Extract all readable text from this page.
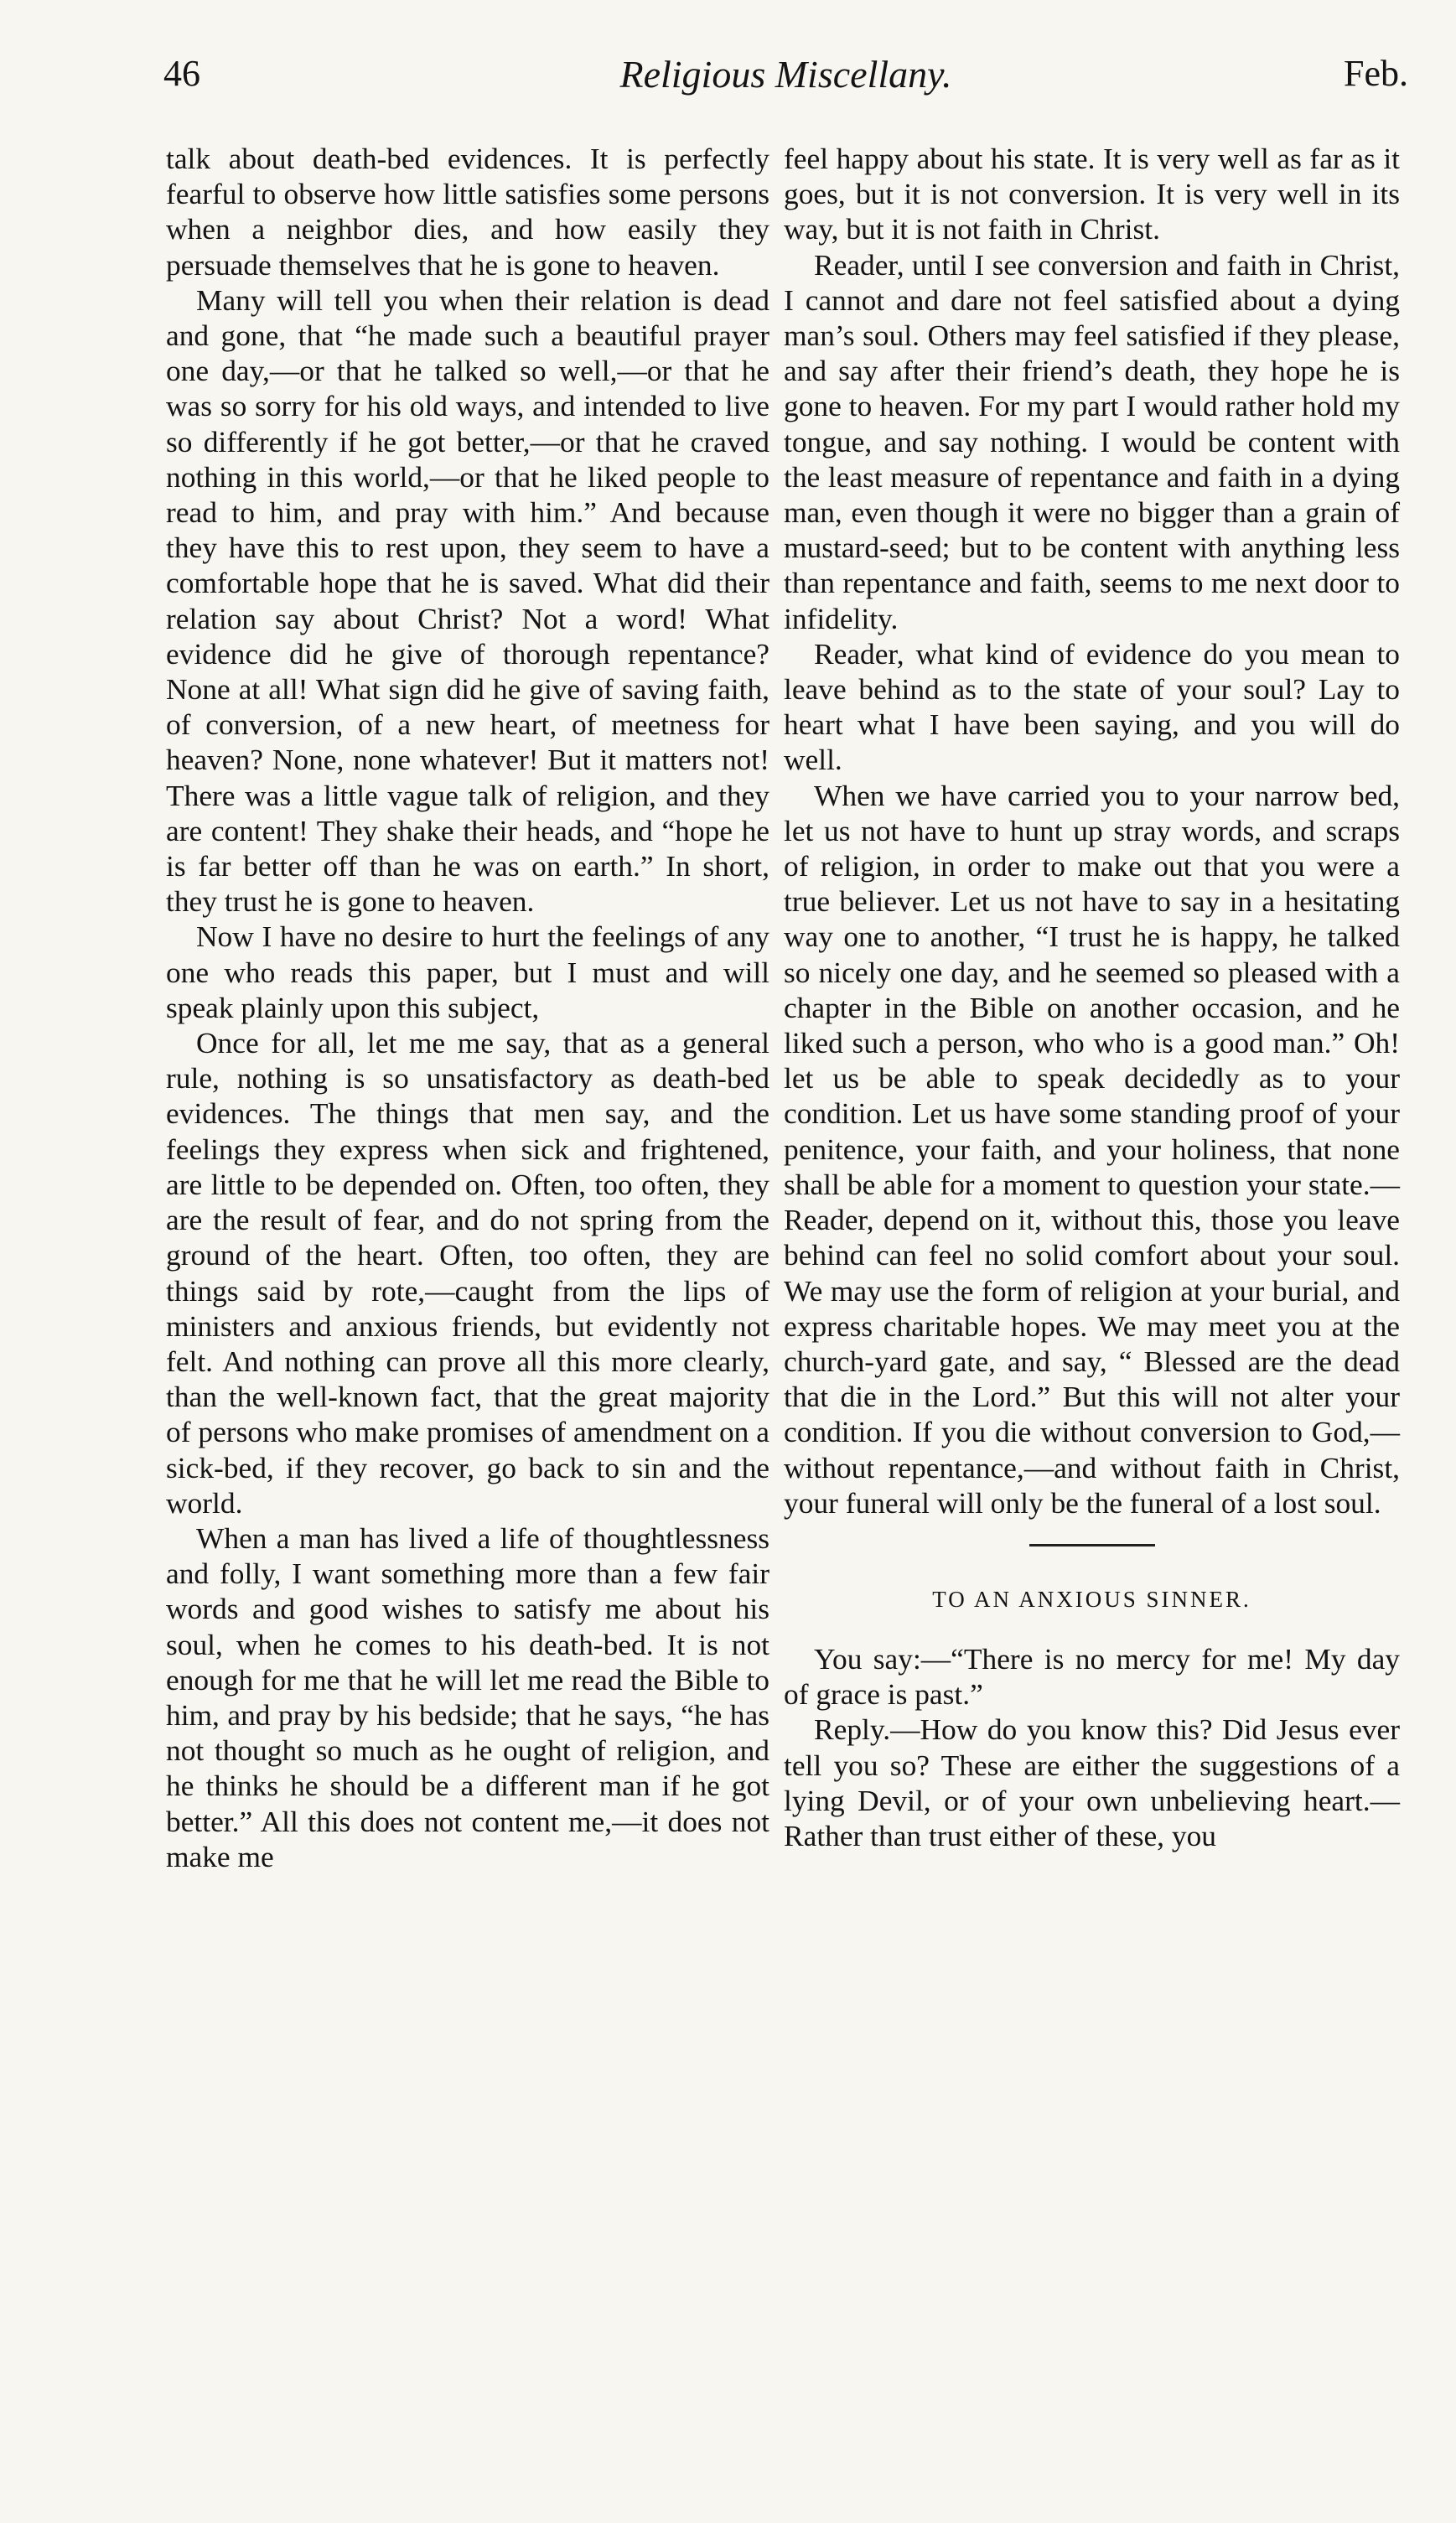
46	Religious Miscellany.	Feb.

talk about death-bed evidences. It is perfectly fearful to observe how little satisfies some persons when a neighbor dies, and how easily they persuade themselves that he is gone to heaven.

Many will tell you when their relation is dead and gone, that “he made such a beautiful prayer one day,—or that he talked so well,—or that he was so sorry for his old ways, and intended to live so differently if he got better,—or that he craved nothing in this world,—or that he liked people to read to him, and pray with him.” And because they have this to rest upon, they seem to have a comfortable hope that he is saved. What did their relation say about Christ? Not a word! What evidence did he give of thorough repentance? None at all! What sign did he give of saving faith, of conversion, of a new heart, of meetness for heaven? None, none whatever! But it matters not! There was a little vague talk of religion, and they are content! They shake their heads, and “hope he is far better off than he was on earth.” In short, they trust he is gone to heaven.

Now I have no desire to hurt the feelings of any one who reads this paper, but I must and will speak plainly upon this subject,

Once for all, let me me say, that as a general rule, nothing is so unsatisfactory as death-bed evidences. The things that men say, and the feelings they express when sick and frightened, are little to be depended on. Often, too often, they are the result of fear, and do not spring from the ground of the heart. Often, too often, they are things said by rote,—caught from the lips of ministers and anxious friends, but evidently not felt. And nothing can prove all this more clearly, than the well-known fact, that the great majority of persons who make promises of amendment on a sick-bed, if they recover, go back to sin and the world.

When a man has lived a life of thoughtlessness and folly, I want something more than a few fair words and good wishes to satisfy me about his soul, when he comes to his death-bed. It is not enough for me that he will let me read the Bible to him, and pray by his bedside; that he says, “he has not thought so much as he ought of religion, and he thinks he should be a different man if he got better.” All this does not content me,—it does not make me

feel happy about his state. It is very well as far as it goes, but it is not conversion. It is very well in its way, but it is not faith in Christ.

Reader, until I see conversion and faith in Christ, I cannot and dare not feel satisfied about a dying man’s soul. Others may feel satisfied if they please, and say after their friend’s death, they hope he is gone to heaven. For my part I would rather hold my tongue, and say nothing. I would be content with the least measure of repentance and faith in a dying man, even though it were no bigger than a grain of mustard-seed; but to be content with anything less than repentance and faith, seems to me next door to infidelity.

Reader, what kind of evidence do you mean to leave behind as to the state of your soul? Lay to heart what I have been saying, and you will do well.

When we have carried you to your narrow bed, let us not have to hunt up stray words, and scraps of religion, in order to make out that you were a true believer. Let us not have to say in a hesitating way one to another, “I trust he is happy, he talked so nicely one day, and he seemed so pleased with a chapter in the Bible on another occasion, and he liked such a person, who who is a good man.” Oh! let us be able to speak decidedly as to your condition. Let us have some standing proof of your penitence, your faith, and your holiness, that none shall be able for a moment to question your state.—Reader, depend on it, without this, those you leave behind can feel no solid comfort about your soul. We may use the form of religion at your burial, and express charitable hopes. We may meet you at the church-yard gate, and say, “ Blessed are the dead that die in the Lord.” But this will not alter your condition. If you die without conversion to God,—without repentance,—and without faith in Christ, your funeral will only be the funeral of a lost soul.

TO AN ANXIOUS SINNER.

You say:—“There is no mercy for me! My day of grace is past.”

Reply.—How do you know this? Did Jesus ever tell you so? These are either the suggestions of a lying Devil, or of your own unbelieving heart.—Rather than trust either of these, you
